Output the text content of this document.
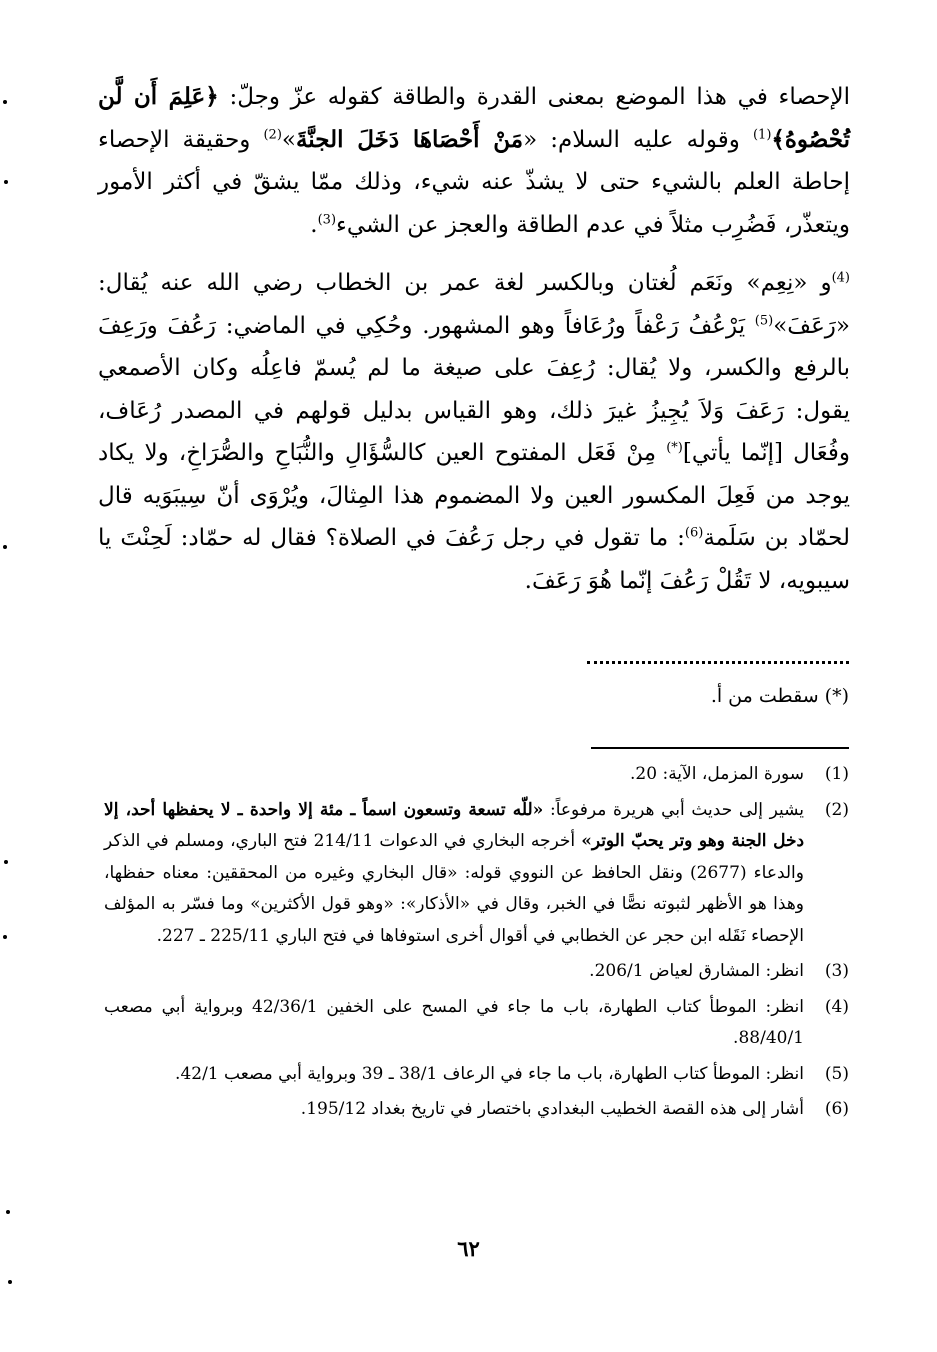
الإحصاء في هذا الموضع بمعنى القدرة والطاقة كقوله عزّ وجلّ: ﴿عَلِمَ أَن لَّن تُحْصُوهُ﴾$^{(1)}$ وقوله عليه السلام: «مَنْ أَحْصَاهَا دَخَلَ الجنَّةَ»$^{(2)}$ وحقيقة الإحصاء إحاطة العلم بالشيء حتى لا يشذّ عنه شيء، وذلك ممّا يشقّ في أكثر الأمور ويتعذّر، فَضُرِب مثلاً في عدم الطاقة والعجز عن الشيء$^{(3)}$.

$^{(4)}$و «نِعِم» ونَعَم لُغتان وبالكسر لغة عمر بن الخطاب رضي الله عنه يُقال: «رَعَفَ»$^{(5)}$ يَرْعُفُ رَعْفاً ورُعَافاً وهو المشهور. وحُكِي في الماضي: رَعُفَ ورَعِفَ بالرفع والكسر، ولا يُقال: رُعِفَ على صيغة ما لم يُسمّ فاعِلُه وكان الأصمعي يقول: رَعَفَ وَلاَ يُجِيزُ غيرَ ذلك، وهو القياس بدليل قولهم في المصدر رُعَاف، وفُعَال [إنّما يأتي](*) مِنْ فَعَل المفتوح العين كالسُّؤَالِ والنُّبَاحِ والصُّرَاخِ، ولا يكاد يوجد من فَعِلَ المكسور العين ولا المضموم هذا المِثالَ، ويُرْوَى أنّ سِيبَوَيه قال لحمّاد بن سَلَمة$^{(6)}$: ما تقول في رجل رَعُفَ في الصلاة؟ فقال له حمّاد: لَحِنْتَ يا سيبويه، لا تَقُلْ رَعُفَ إنّما هُوَ رَعَفَ.

(*) سقطت من أ.
(1)
سورة المزمل، الآية: 20.
(2)
يشير إلى حديث أبي هريرة مرفوعاً: «للّه تسعة وتسعون اسماً ـ مئة إلا واحدة ـ لا يحفظها أحد، إلا دخل الجنة وهو وتر يحبّ الوتر» أخرجه البخاري في الدعوات 214/11 فتح الباري، ومسلم في الذكر والدعاء (2677) ونقل الحافظ عن النووي قوله: «قال البخاري وغيره من المحققين: معناه حفظها، وهذا هو الأظهر لثبوته نصًّا في الخبر، وقال في «الأذكار»: «وهو قول الأكثرين» وما فسّر به المؤلف الإحصاء نَقَله ابن حجر عن الخطابي في أقوال أخرى استوفاها في فتح الباري 225/11 ـ 227.
(3)
انظر: المشارق لعياض 206/1.
(4)
انظر: الموطأ كتاب الطهارة، باب ما جاء في المسح على الخفين 42/36/1 وبرواية أبي مصعب 88/40/1.
(5)
انظر: الموطأ كتاب الطهارة، باب ما جاء في الرعاف 38/1 ـ 39 وبرواية أبي مصعب 42/1.
(6)
أشار إلى هذه القصة الخطيب البغدادي باختصار في تاريخ بغداد 195/12.
٦٢
